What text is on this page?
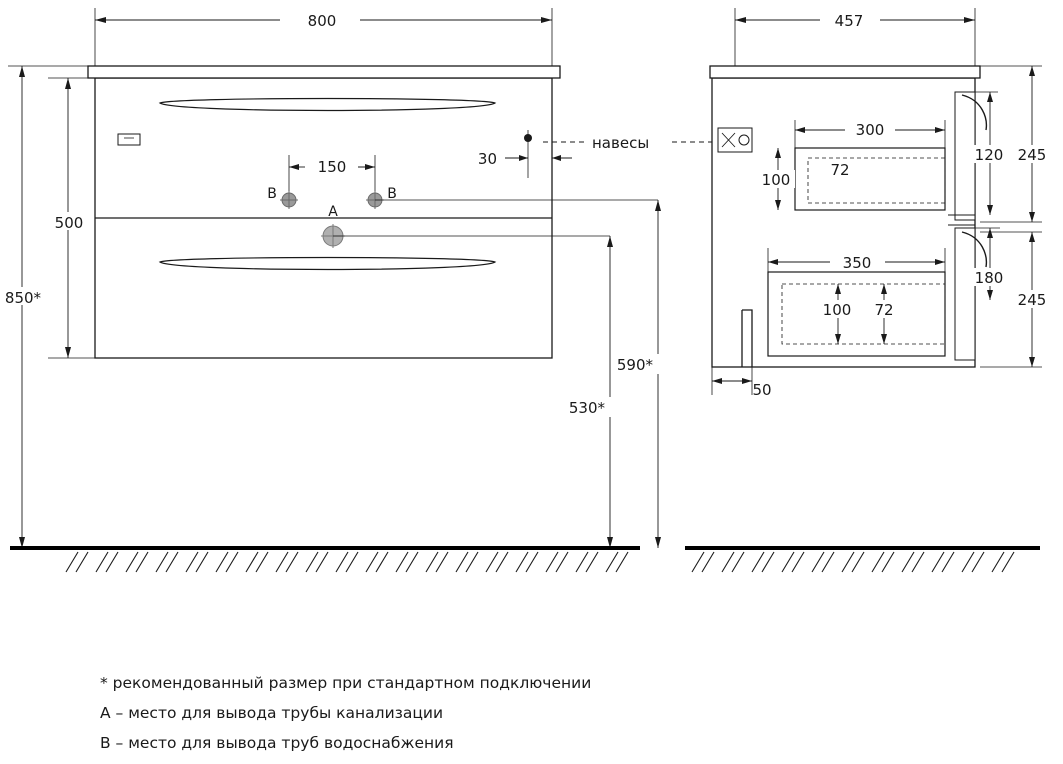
800
30
навесы
150
B	B
A
500
850*
530*
590*
457
300
100
72
120 245
350
100 72
180
245
50
* рекомендованный размер при стандартном подключении
A – место для вывода трубы канализации
B – место для вывода труб водоснабжения
